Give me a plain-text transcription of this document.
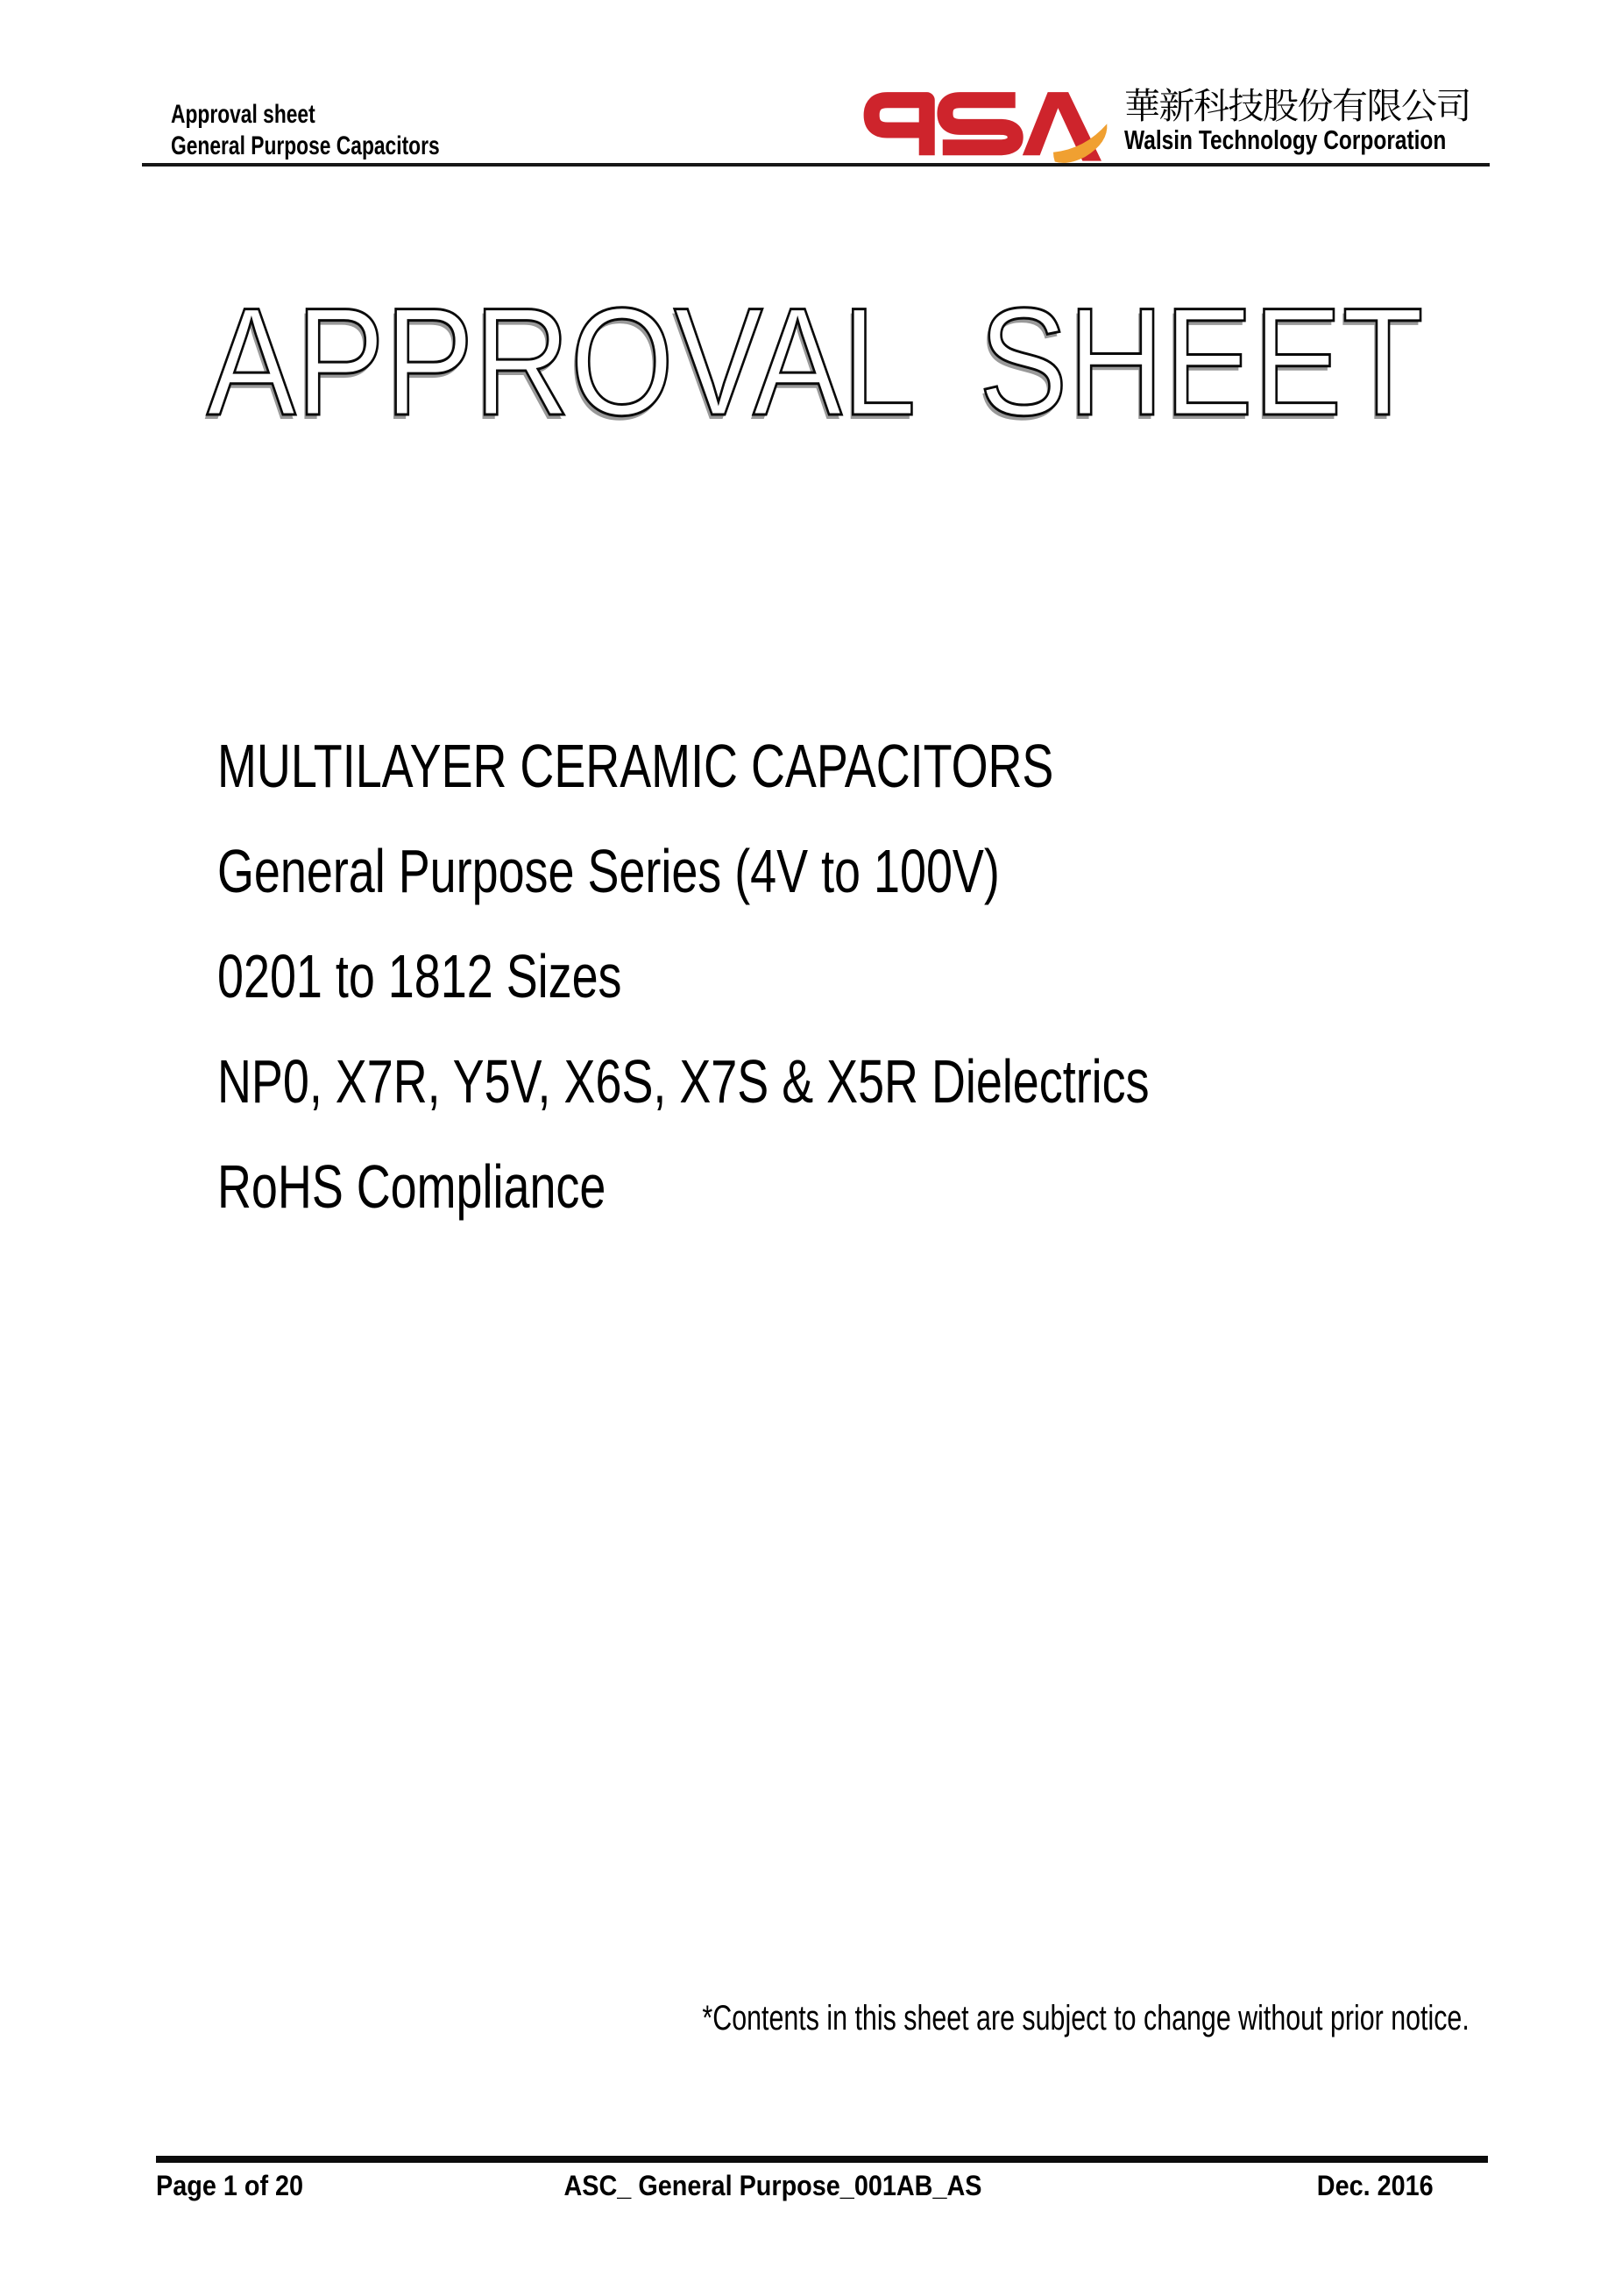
Approval sheet
General Purpose Capacitors
華新科技股份有限公司
Walsin Technology Corporation
APPROVAL SHEET
MULTILAYER CERAMIC CAPACITORS
General Purpose Series (4V to 100V)
0201 to 1812 Sizes
NP0, X7R, Y5V, X6S, X7S & X5R Dielectrics
RoHS Compliance
*Contents in this sheet are subject to change without prior notice.
Page 1 of 20	ASC_ General Purpose_001AB_AS	Dec. 2016
